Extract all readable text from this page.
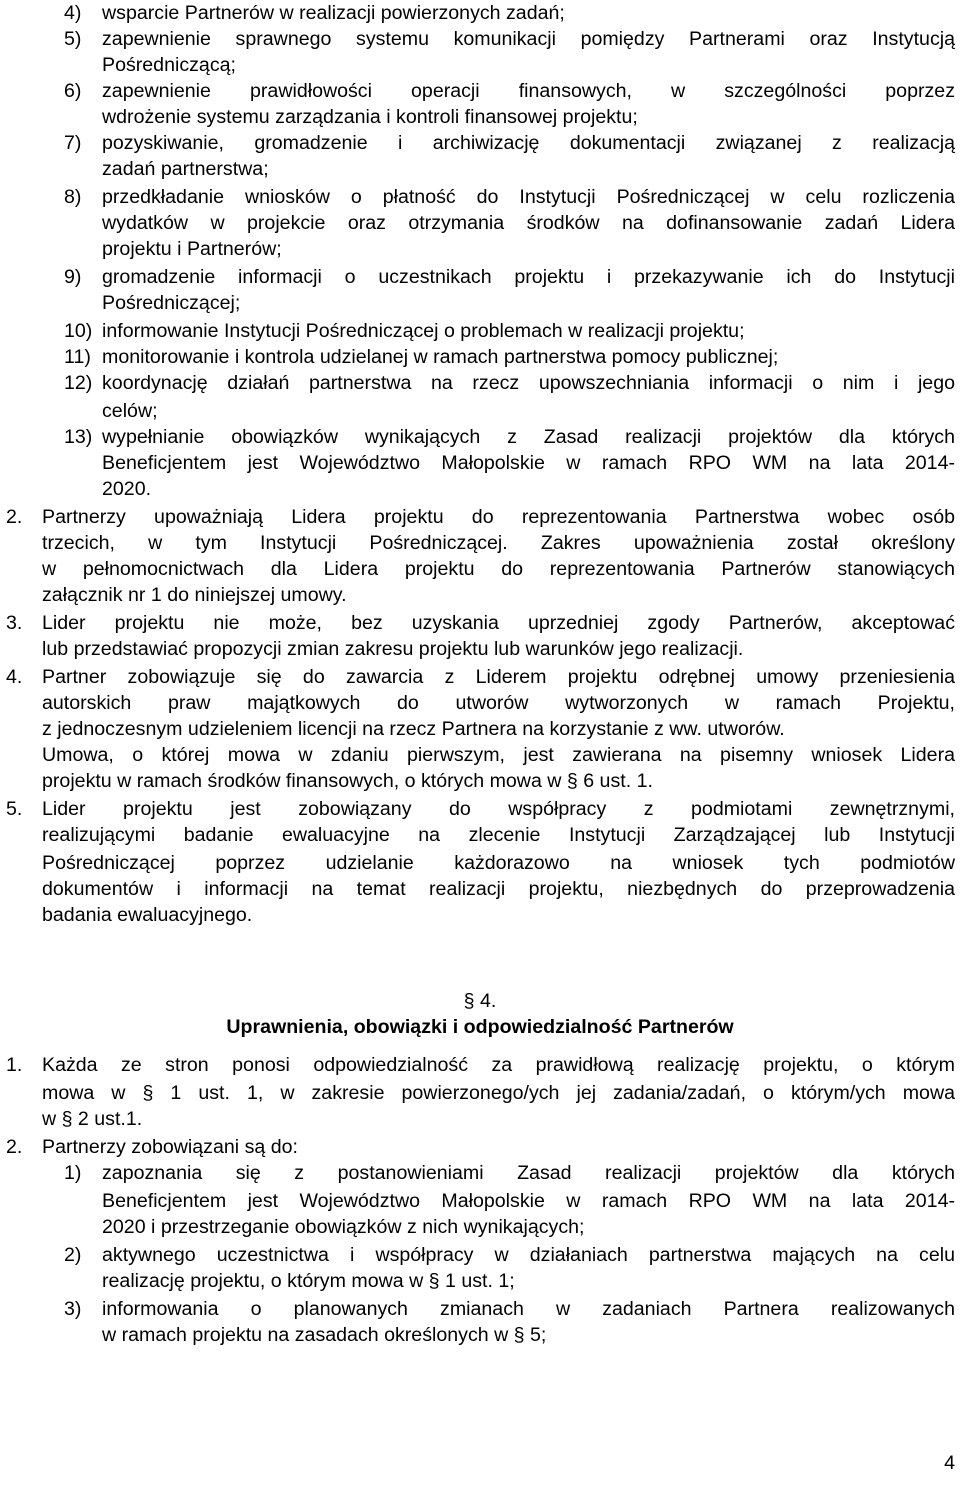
4) wsparcie Partnerów w realizacji powierzonych zadań;
5) zapewnienie sprawnego systemu komunikacji pomiędzy Partnerami oraz Instytucją
Pośredniczącą;
6) zapewnienie prawidłowości operacji finansowych, w szczególności poprzez
wdrożenie systemu zarządzania i kontroli finansowej projektu;
7) pozyskiwanie, gromadzenie i archiwizację dokumentacji związanej z realizacją
zadań partnerstwa;
8) przedkładanie wniosków o płatność do Instytucji Pośredniczącej w celu rozliczenia
wydatków w projekcie oraz otrzymania środków na dofinansowanie zadań Lidera
projektu i Partnerów;
9) gromadzenie informacji o uczestnikach projektu i przekazywanie ich do Instytucji
Pośredniczącej;
10) informowanie Instytucji Pośredniczącej o problemach w realizacji projektu;
11) monitorowanie i kontrola udzielanej w ramach partnerstwa pomocy publicznej;
12) koordynację działań partnerstwa na rzecz upowszechniania informacji o nim i jego
celów;
13) wypełnianie obowiązków wynikających z Zasad realizacji projektów dla których
Beneficjentem jest Województwo Małopolskie w ramach RPO WM na lata 2014-
2020.
2. Partnerzy upoważniają Lidera projektu do reprezentowania Partnerstwa wobec osób
trzecich, w tym Instytucji Pośredniczącej. Zakres upoważnienia został określony
w pełnomocnictwach dla Lidera projektu do reprezentowania Partnerów stanowiących
załącznik nr 1 do niniejszej umowy.
3. Lider projektu nie może, bez uzyskania uprzedniej zgody Partnerów, akceptować
lub przedstawiać propozycji zmian zakresu projektu lub warunków jego realizacji.
4. Partner zobowiązuje się do zawarcia z Liderem projektu odrębnej umowy przeniesienia
autorskich praw majątkowych do utworów wytworzonych w ramach Projektu,
z jednoczesnym udzieleniem licencji na rzecz Partnera na korzystanie z ww. utworów.
Umowa, o której mowa w zdaniu pierwszym, jest zawierana na pisemny wniosek Lidera
projektu w ramach środków finansowych, o których mowa w § 6 ust. 1.
5. Lider projektu jest zobowiązany do współpracy z podmiotami zewnętrznymi,
realizującymi badanie ewaluacyjne na zlecenie Instytucji Zarządzającej lub Instytucji
Pośredniczącej poprzez udzielanie każdorazowo na wniosek tych podmiotów
dokumentów i informacji na temat realizacji projektu, niezbędnych do przeprowadzenia
badania ewaluacyjnego.
§ 4.
Uprawnienia, obowiązki i odpowiedzialność Partnerów
1. Każda ze stron ponosi odpowiedzialność za prawidłową realizację projektu, o którym
mowa w § 1 ust. 1, w zakresie powierzonego/ych jej zadania/zadań, o którym/ych mowa
w § 2 ust.1.
2. Partnerzy zobowiązani są do:
1) zapoznania się z postanowieniami Zasad realizacji projektów dla których
Beneficjentem jest Województwo Małopolskie w ramach RPO WM na lata 2014-
2020 i przestrzeganie obowiązków z nich wynikających;
2) aktywnego uczestnictwa i współpracy w działaniach partnerstwa mających na celu
realizację projektu, o którym mowa w § 1 ust. 1;
3) informowania o planowanych zmianach w zadaniach Partnera realizowanych
w ramach projektu na zasadach określonych w § 5;
4
